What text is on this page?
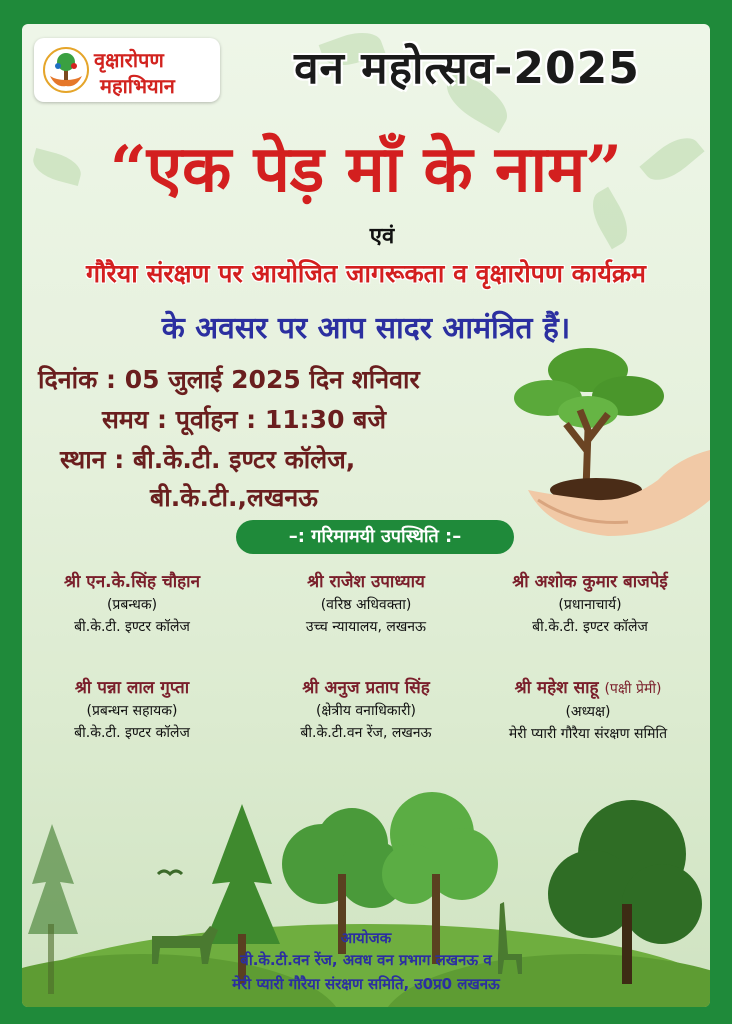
वृक्षारोपण
महाभियान	वन महोत्सव-2025
“एक पेड़ माँ के नाम”
एवं
गौरैया संरक्षण पर आयोजित जागरूकता व वृक्षारोपण कार्यक्रम
के अवसर पर आप सादर आमंत्रित हैं।
दिनांक : 05 जुलाई 2025 दिन शनिवार
समय : पूर्वाहन : 11:30 बजे
स्थान : बी.के.टी. इण्टर कॉलेज,
बी.के.टी.,लखनऊ
–: गरिमामयी उपस्थिति :–
श्री एन.के.सिंह चौहान
(प्रबन्धक)
बी.के.टी. इण्टर कॉलेज
श्री राजेश उपाध्याय
(वरिष्ठ अधिवक्ता)
उच्च न्यायालय, लखनऊ
श्री अशोक कुमार बाजपेई
(प्रधानाचार्य)
बी.के.टी. इण्टर कॉलेज
श्री पन्ना लाल गुप्ता
(प्रबन्धन सहायक)
बी.के.टी. इण्टर कॉलेज
श्री अनुज प्रताप सिंह
(क्षेत्रीय वनाधिकारी)
बी.के.टी.वन रेंज, लखनऊ
श्री महेश साहू (पक्षी प्रेमी)
(अध्यक्ष)
मेरी प्यारी गौरैया संरक्षण समिति
आयोजक
बी.के.टी.वन रेंज, अवध वन प्रभाग लखनऊ व
मेरी प्यारी गौरैया संरक्षण समिति, उ0प्र0 लखनऊ
